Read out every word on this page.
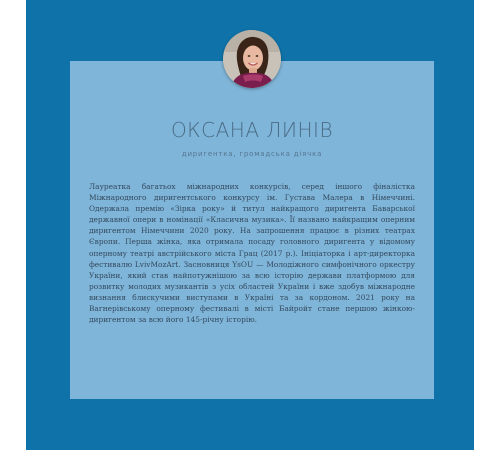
ОКСАНА ЛИНІВ
диригентка, громадська діячка

Лауреатка багатьох міжнародних конкурсів, серед іншого фіналістка Міжнародного диригентського конкурсу ім. Густава Малера в Німеччині. Одержала премію «Зірка року» й титул найкращого диригента Баварської державної опери в номінації «Класична музика». Її названо найкращим оперним диригентом Німеччини 2020 року. На запрошення працює в різних театрах Європи. Перша жінка, яка отримала посаду головного диригента у відомому оперному театрі австрійського міста Грац (2017 р.). Ініціаторка і арт-директорка фестивалю LvivMozArt. Засновниця YsOU — Молодіжного симфонічного оркестру України, який став найпотужнішою за всю історію держави платформою для розвитку молодих музикантів з усіх областей України і вже здобув міжнародне визнання блискучими виступами в Україні та за кордоном. 2021 року на Вагнерівському оперному фестивалі в місті Байройт стане першою жінкою-диригентом за всю його 145-річну історію.
